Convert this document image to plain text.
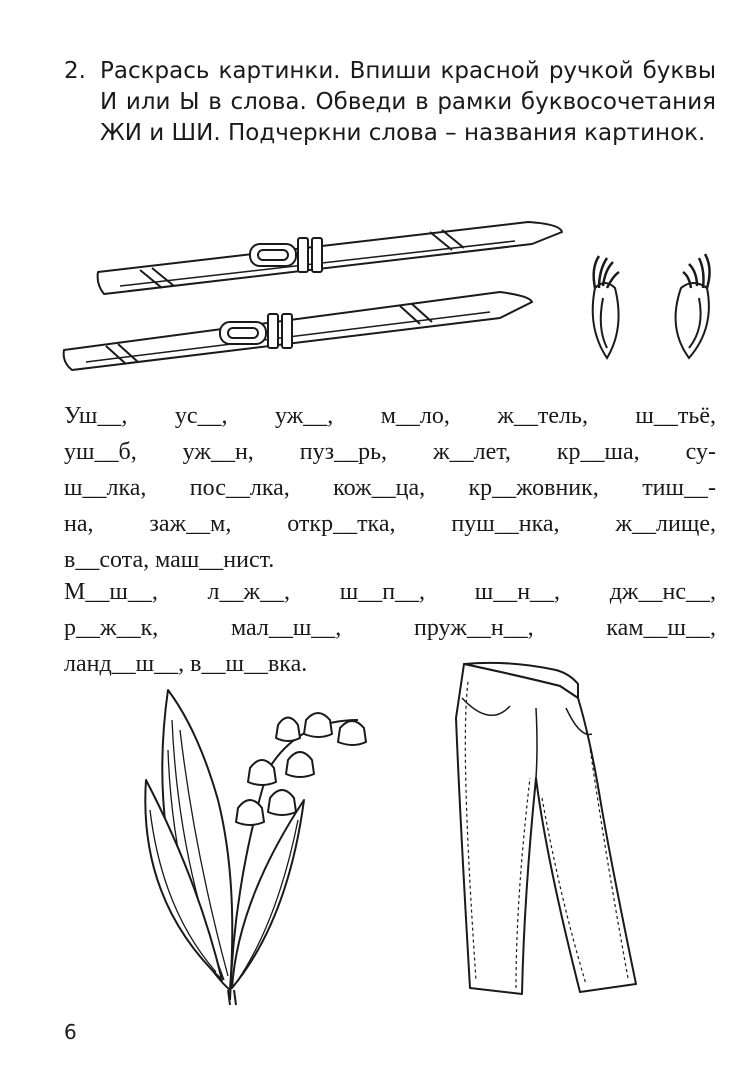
2. Раскрась картинки. Впиши красной ручкой буквы И или Ы в слова. Обведи в рамки буквосочетания ЖИ и ШИ. Подчеркни слова – названия картинок.
Уш__, ус__, уж__, м__ло, ж__тель, ш__тьё,
уш__б, уж__н, пуз__рь, ж__лет, кр__ша, су-
ш__лка, пос__лка, кож__ца, кр__жовник, тиш__-
на, заж__м, откр__тка, пуш__нка, ж__лище,
в__сота, маш__нист.
М__ш__, л__ж__, ш__п__, ш__н__, дж__нс__,
р__ж__к, мал__ш__, пруж__н__, кам__ш__,
ланд__ш__, в__ш__вка.
6
